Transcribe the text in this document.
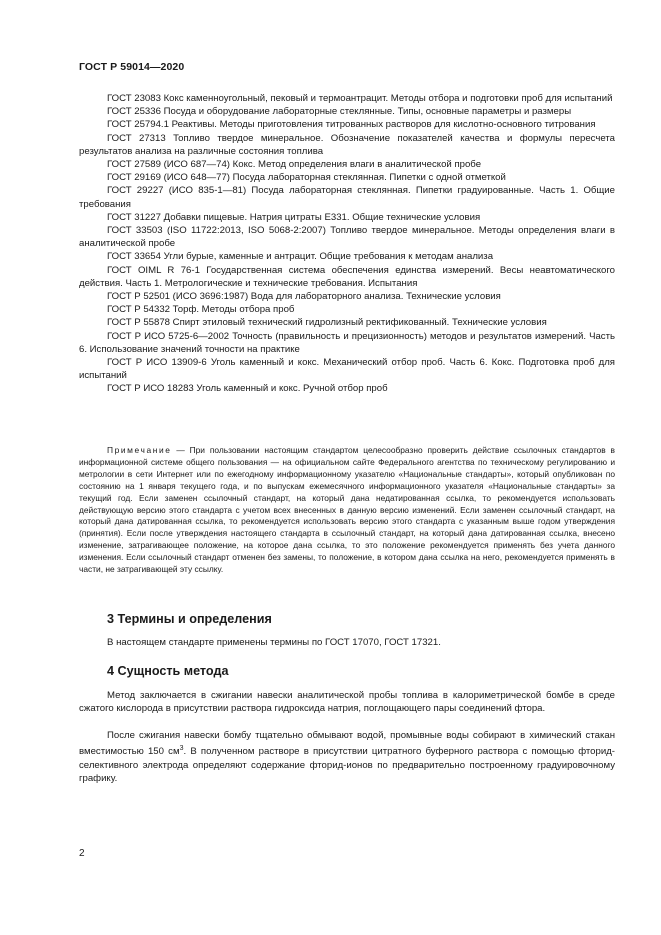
ГОСТ Р 59014—2020

ГОСТ 23083 Кокс каменноугольный, пековый и термоантрацит. Методы отбора и подготовки проб для испытаний

ГОСТ 25336 Посуда и оборудование лабораторные стеклянные. Типы, основные параметры и размеры

ГОСТ 25794.1 Реактивы. Методы приготовления титрованных растворов для кислотно-основного титрования

ГОСТ 27313 Топливо твердое минеральное. Обозначение показателей качества и формулы пересчета результатов анализа на различные состояния топлива

ГОСТ 27589 (ИСО 687—74) Кокс. Метод определения влаги в аналитической пробе

ГОСТ 29169 (ИСО 648—77) Посуда лабораторная стеклянная. Пипетки с одной отметкой

ГОСТ 29227 (ИСО 835-1—81) Посуда лабораторная стеклянная. Пипетки градуированные. Часть 1. Общие требования

ГОСТ 31227 Добавки пищевые. Натрия цитраты Е331. Общие технические условия

ГОСТ 33503 (ISO 11722:2013, ISO 5068-2:2007) Топливо твердое минеральное. Методы определения влаги в аналитической пробе

ГОСТ 33654 Угли бурые, каменные и антрацит. Общие требования к методам анализа

ГОСТ OIML R 76-1 Государственная система обеспечения единства измерений. Весы неавтоматического действия. Часть 1. Метрологические и технические требования. Испытания

ГОСТ Р 52501 (ИСО 3696:1987) Вода для лабораторного анализа. Технические условия

ГОСТ Р 54332 Торф. Методы отбора проб

ГОСТ Р 55878 Спирт этиловый технический гидролизный ректификованный. Технические условия

ГОСТ Р ИСО 5725-6—2002 Точность (правильность и прецизионность) методов и результатов измерений. Часть 6. Использование значений точности на практике

ГОСТ Р ИСО 13909-6 Уголь каменный и кокс. Механический отбор проб. Часть 6. Кокс. Подготовка проб для испытаний

ГОСТ Р ИСО 18283 Уголь каменный и кокс. Ручной отбор проб

Примечание — При пользовании настоящим стандартом целесообразно проверить действие ссылочных стандартов в информационной системе общего пользования — на официальном сайте Федерального агентства по техническому регулированию и метрологии в сети Интернет или по ежегодному информационному указателю «Национальные стандарты», который опубликован по состоянию на 1 января текущего года, и по выпускам ежемесячного информационного указателя «Национальные стандарты» за текущий год. Если заменен ссылочный стандарт, на который дана недатированная ссылка, то рекомендуется использовать действующую версию этого стандарта с учетом всех внесенных в данную версию изменений. Если заменен ссылочный стандарт, на который дана датированная ссылка, то рекомендуется использовать версию этого стандарта с указанным выше годом утверждения (принятия). Если после утверждения настоящего стандарта в ссылочный стандарт, на который дана датированная ссылка, внесено изменение, затрагивающее положение, на которое дана ссылка, то это положение рекомендуется применять без учета данного изменения. Если ссылочный стандарт отменен без замены, то положение, в котором дана ссылка на него, рекомендуется применять в части, не затрагивающей эту ссылку.

3 Термины и определения

В настоящем стандарте применены термины по ГОСТ 17070, ГОСТ 17321.

4 Сущность метода

Метод заключается в сжигании навески аналитической пробы топлива в калориметрической бомбе в среде сжатого кислорода в присутствии раствора гидроксида натрия, поглощающего пары соединений фтора.

После сжигания навески бомбу тщательно обмывают водой, промывные воды собирают в химический стакан вместимостью 150 $см^3$. В полученном растворе в присутствии цитратного буферного раствора с помощью фторид-селективного электрода определяют содержание фторид-ионов по предварительно построенному градуировочному графику.

2
